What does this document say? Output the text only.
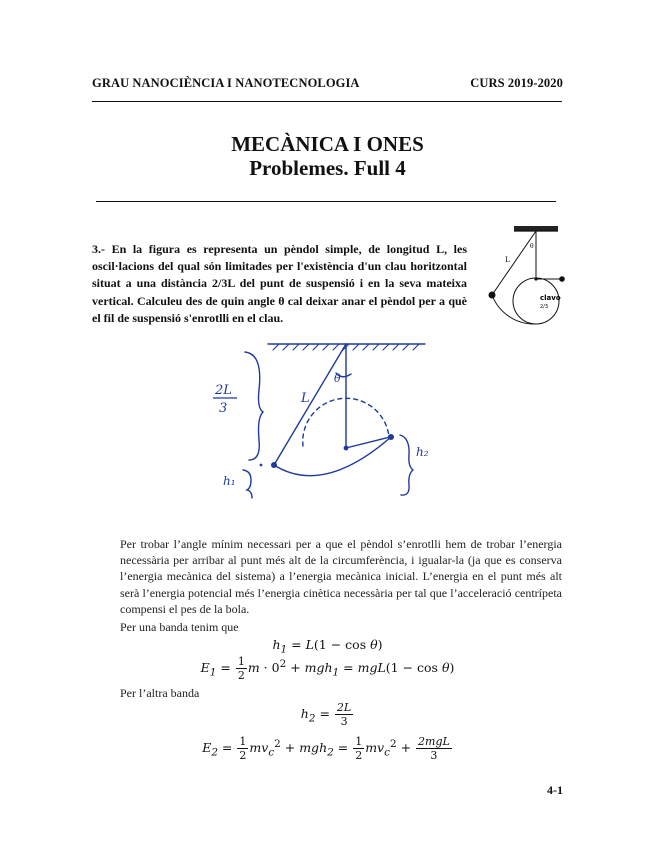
GRAU NANOCIÈNCIA I NANOTECNOLOGIA	CURS 2019-2020
MECÀNICA I ONES
Problemes. Full 4
3.- En la figura es representa un pèndol simple, de longitud L, les oscil·lacions del qual són limitades per l'existència d'un clau horitzontal situat a una distància 2/3L del punt de suspensió i en la seva mateixa vertical. Calculeu des de quin angle θ cal deixar anar el pèndol per a què el fil de suspensió s'enrotlli en el clau.
L
θ
clavo
2/3
2L
3
L
θ
h₁
h₂
Per trobar l’angle mínim necessari per a que el pèndol s’enrotlli hem de trobar l’energia necessària per arribar al punt més alt de la circumferència, i igualar-la (ja que es conserva l’energia mecànica del sistema) a l’energia mecànica inicial. L’energia en el punt més alt serà l’energia potencial més l’energia cinètica necessària per tal que l’acceleració centrípeta compensi el pes de la bola.
Per una banda tenim que
$h_1 = L(1 - \cos \theta)$
$E_1 = \frac{1}{2}$ $m \cdot 0^2 + mgh_1 = mgL(1 - \cos \theta)$
Per l’altra banda
$h_2 = \frac{2L}{3}$
$E_2 = \frac{1}{2} mv_c^2 + mgh_2 = \frac{1}{2} mv_c^2 + \frac{\text{2mgL}}{3}$
4-1
